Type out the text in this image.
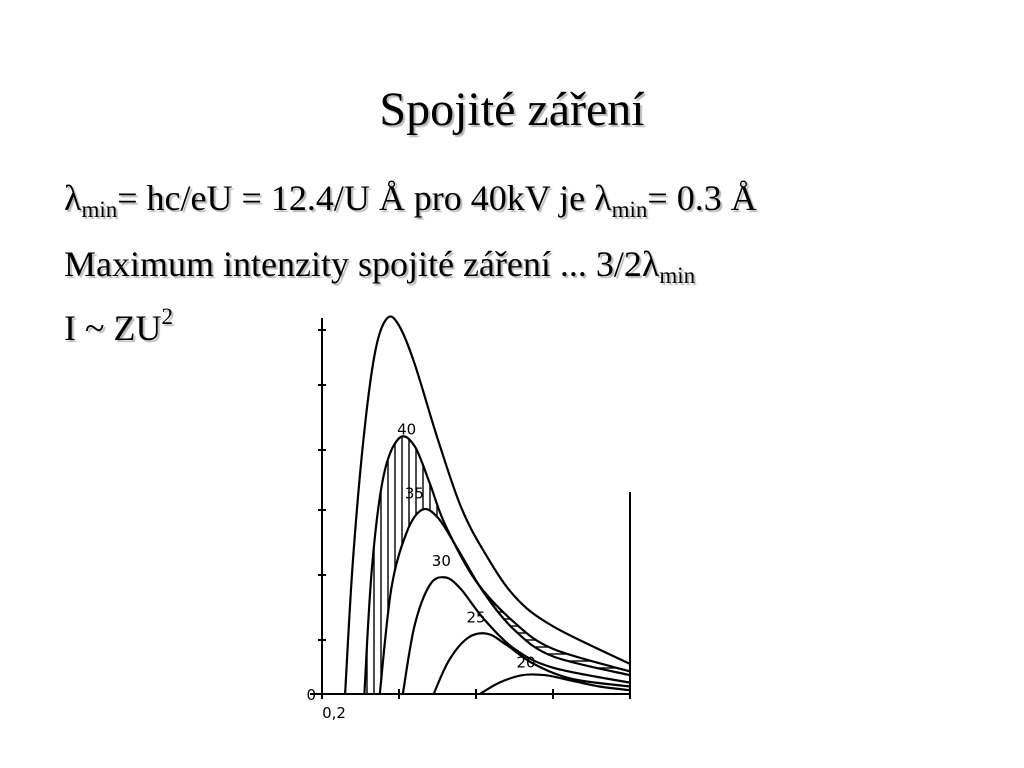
Spojité záření
$\lambda_{min}= hc/eU = 12.4/U$ Å pro 40kV je $\lambda_{min}= 0.3$ Å
Maximum intenzity spojité záření ... $3/2\lambda_{min}$
I ~ $ZU^2$
40
35
30
25
20
0
0,2
